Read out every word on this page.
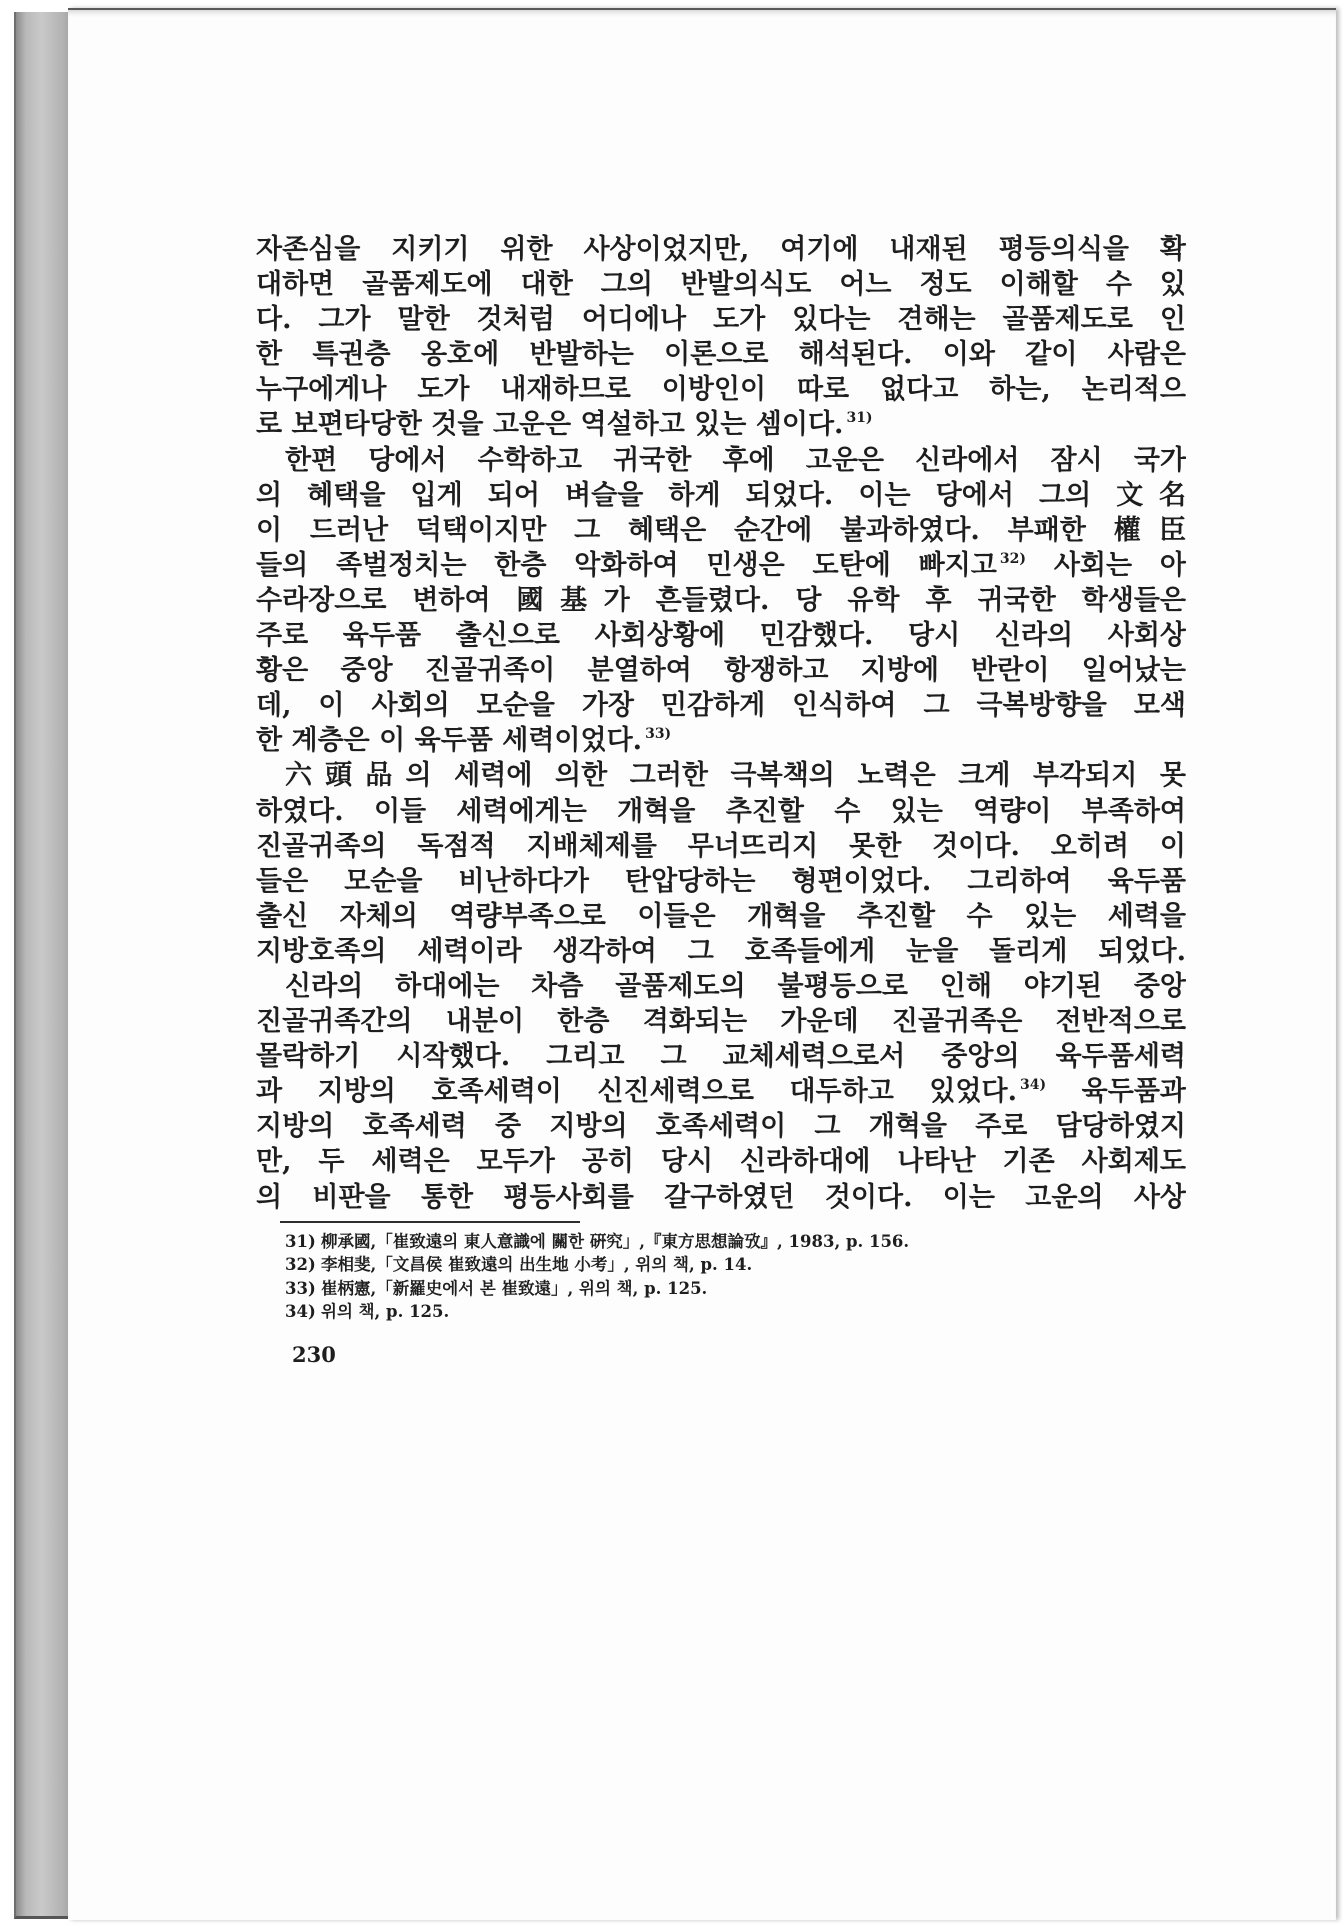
자존심을 지키기 위한 사상이었지만, 여기에 내재된 평등의식을 확
대하면 골품제도에 대한 그의 반발의식도 어느 정도 이해할 수 있
다. 그가 말한 것처럼 어디에나 도가 있다는 견해는 골품제도로 인
한 특권층 옹호에 반발하는 이론으로 해석된다. 이와 같이 사람은
누구에게나 도가 내재하므로 이방인이 따로 없다고 하는, 논리적으
로 보편타당한 것을 고운은 역설하고 있는 셈이다. $^{31)}$
한편 당에서 수학하고 귀국한 후에 고운은 신라에서 잠시 국가
의 혜택을 입게 되어 벼슬을 하게 되었다. 이는 당에서 그의 文名
이 드러난 덕택이지만 그 혜택은 순간에 불과하였다. 부패한 權臣
들의 족벌정치는 한층 악화하여 민생은 도탄에 빠지고 $^{32)}$ 사회는 아
수라장으로 변하여 國基가 흔들렸다. 당 유학 후 귀국한 학생들은
주로 육두품 출신으로 사회상황에 민감했다. 당시 신라의 사회상
황은 중앙 진골귀족이 분열하여 항쟁하고 지방에 반란이 일어났는
데, 이 사회의 모순을 가장 민감하게 인식하여 그 극복방향을 모색
한 계층은 이 육두품 세력이었다. $^{33)}$
六頭品의 세력에 의한 그러한 극복책의 노력은 크게 부각되지 못
하였다. 이들 세력에게는 개혁을 추진할 수 있는 역량이 부족하여
진골귀족의 독점적 지배체제를 무너뜨리지 못한 것이다. 오히려 이
들은 모순을 비난하다가 탄압당하는 형편이었다. 그리하여 육두품
출신 자체의 역량부족으로 이들은 개혁을 추진할 수 있는 세력을
지방호족의 세력이라 생각하여 그 호족들에게 눈을 돌리게 되었다.
신라의 하대에는 차츰 골품제도의 불평등으로 인해 야기된 중앙
진골귀족간의 내분이 한층 격화되는 가운데 진골귀족은 전반적으로
몰락하기 시작했다. 그리고 그 교체세력으로서 중앙의 육두품세력
과 지방의 호족세력이 신진세력으로 대두하고 있었다. $^{34)}$ 육두품과
지방의 호족세력 중 지방의 호족세력이 그 개혁을 주로 담당하였지
만, 두 세력은 모두가 공히 당시 신라하대에 나타난 기존 사회제도
의 비판을 통한 평등사회를 갈구하였던 것이다. 이는 고운의 사상
31) 柳承國,「崔致遠의 東人意識에 關한 硏究」,『東方思想論攷』, 1983, p. 156.
32) 李相斐,「文昌侯 崔致遠의 出生地 小考」, 위의 책, p. 14.
33) 崔柄憲,「新羅史에서 본 崔致遠」, 위의 책, p. 125.
34) 위의 책, p. 125.
230
